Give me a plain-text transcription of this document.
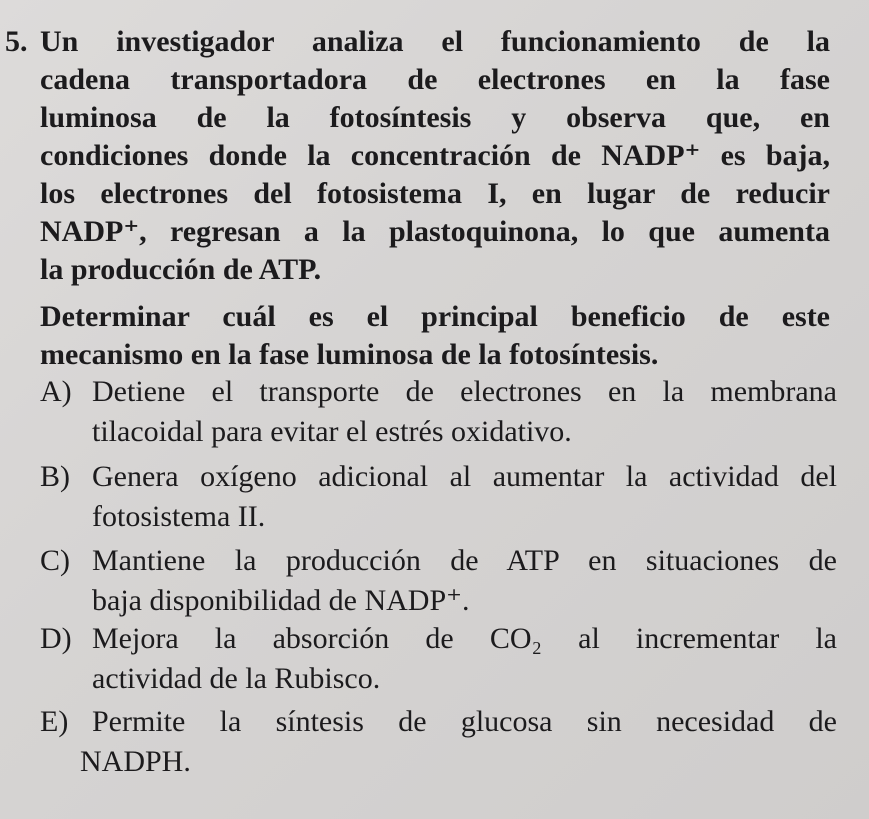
5. Un investigador analiza el funcionamiento de la
cadena transportadora de electrones en la fase
luminosa de la fotosíntesis y observa que, en
condiciones donde la concentración de NADP⁺ es baja,
los electrones del fotosistema I, en lugar de reducir
NADP⁺, regresan a la plastoquinona, lo que aumenta
la producción de ATP.
Determinar cuál es el principal beneficio de este
mecanismo en la fase luminosa de la fotosíntesis.
A) Detiene el transporte de electrones en la membrana
tilacoidal para evitar el estrés oxidativo.
B) Genera oxígeno adicional al aumentar la actividad del
fotosistema II.
C) Mantiene la producción de ATP en situaciones de
baja disponibilidad de NADP⁺.
D) Mejora la absorción de CO₂ al incrementar la
actividad de la Rubisco.
E) Permite la síntesis de glucosa sin necesidad de
NADPH.
